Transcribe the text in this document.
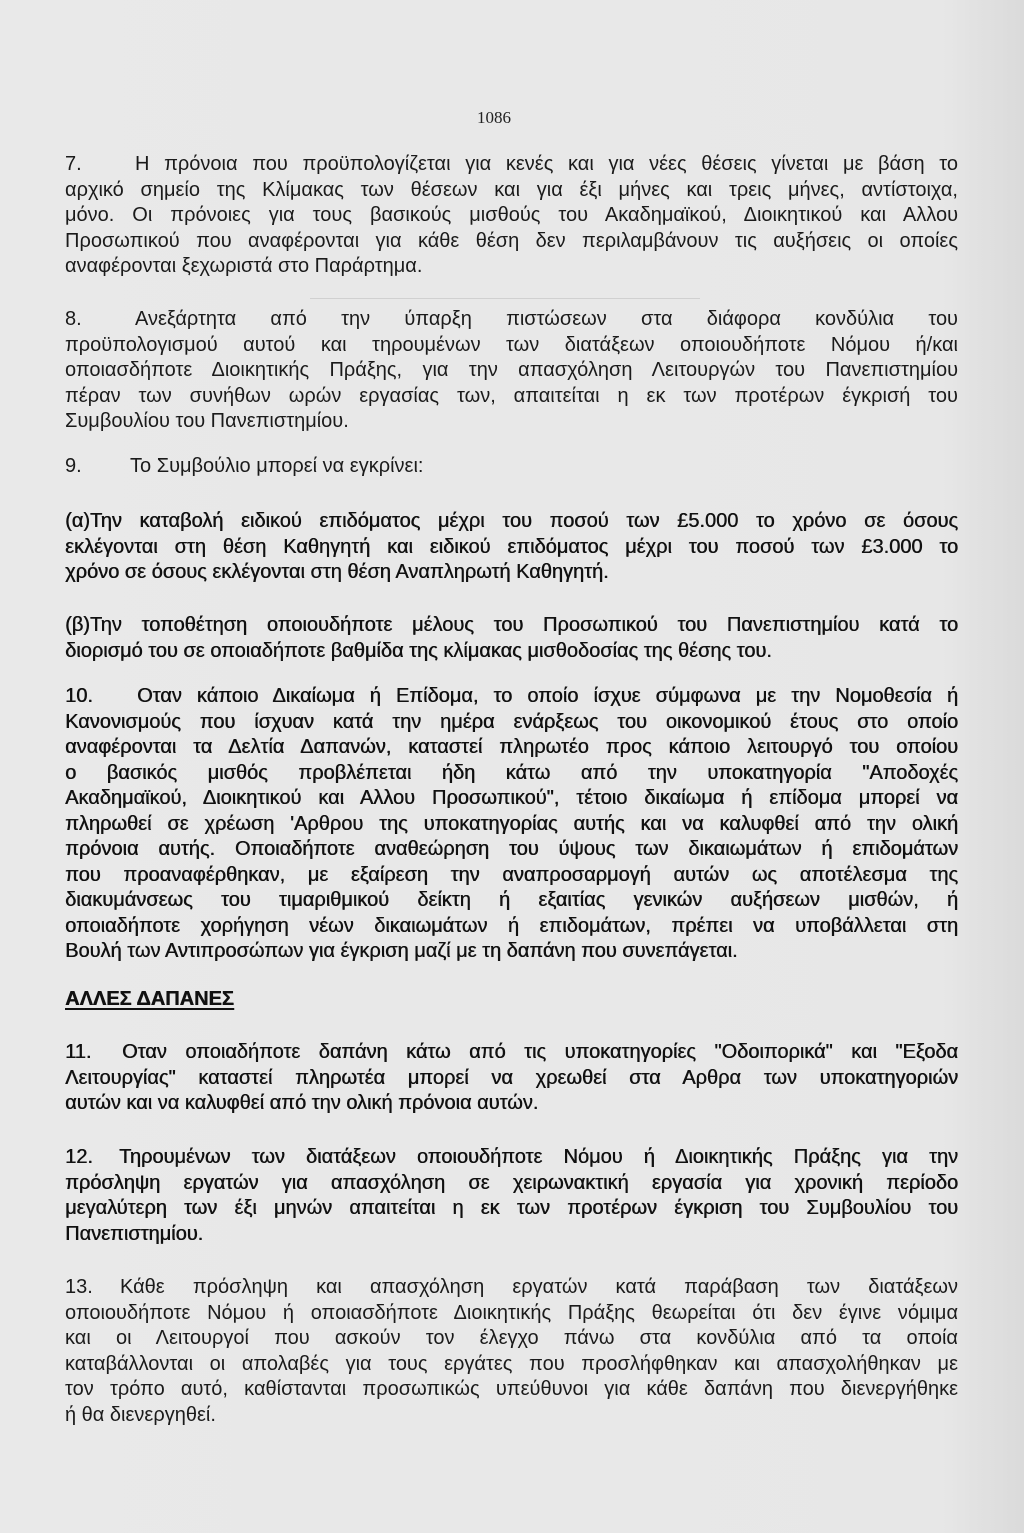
1086
7.	Η πρόνοια που προϋπολογίζεται για κενές και για νέες θέσεις γίνεται με βάση το
αρχικό σημείο της Κλίμακας των θέσεων και για έξι μήνες και τρεις μήνες, αντίστοιχα,
μόνο. Οι πρόνοιες για τους βασικούς μισθούς του Ακαδημαϊκού, Διοικητικού και Αλλου
Προσωπικού που αναφέρονται για κάθε θέση δεν περιλαμβάνουν τις αυξήσεις οι οποίες
αναφέρονται ξεχωριστά στο Παράρτημα.
8.	Ανεξάρτητα από την ύπαρξη πιστώσεων στα διάφορα κονδύλια του
προϋπολογισμού αυτού και τηρουμένων των διατάξεων οποιουδήποτε Νόμου ή/και
οποιασδήποτε Διοικητικής Πράξης, για την απασχόληση Λειτουργών του Πανεπιστημίου
πέραν των συνήθων ωρών εργασίας των, απαιτείται η εκ των προτέρων έγκρισή του
Συμβουλίου του Πανεπιστημίου.
9.	Το Συμβούλιο μπορεί να εγκρίνει:
(α)Την καταβολή ειδικού επιδόματος μέχρι του ποσού των £5.000 το χρόνο σε όσους
εκλέγονται στη θέση Καθηγητή και ειδικού επιδόματος μέχρι του ποσού των £3.000 το
χρόνο σε όσους εκλέγονται στη θέση Αναπληρωτή Καθηγητή.
(β)Την τοποθέτηση οποιουδήποτε μέλους του Προσωπικού του Πανεπιστημίου κατά το
διορισμό του σε οποιαδήποτε βαθμίδα της κλίμακας μισθοδοσίας της θέσης του.
10.	Οταν κάποιο Δικαίωμα ή Επίδομα, το οποίο ίσχυε σύμφωνα με την Νομοθεσία ή
Κανονισμούς που ίσχυαν κατά την ημέρα ενάρξεως του οικονομικού έτους στο οποίο
αναφέρονται τα Δελτία Δαπανών, καταστεί πληρωτέο προς κάποιο λειτουργό του οποίου
ο βασικός μισθός προβλέπεται ήδη κάτω από την υποκατηγορία "Αποδοχές
Ακαδημαϊκού, Διοικητικού και Αλλου Προσωπικού", τέτοιο δικαίωμα ή επίδομα μπορεί να
πληρωθεί σε χρέωση 'Αρθρου της υποκατηγορίας αυτής και να καλυφθεί από την ολική
πρόνοια αυτής. Οποιαδήποτε αναθεώρηση του ύψους των δικαιωμάτων ή επιδομάτων
που προαναφέρθηκαν, με εξαίρεση την αναπροσαρμογή αυτών ως αποτέλεσμα της
διακυμάνσεως του τιμαριθμικού δείκτη ή εξαιτίας γενικών αυξήσεων μισθών, ή
οποιαδήποτε χορήγηση νέων δικαιωμάτων ή επιδομάτων, πρέπει να υποβάλλεται στη
Βουλή των Αντιπροσώπων για έγκριση μαζί με τη δαπάνη που συνεπάγεται.
ΑΛΛΕΣ ΔΑΠΑΝΕΣ
11.	Οταν οποιαδήποτε δαπάνη κάτω από τις υποκατηγορίες "Οδοιπορικά" και "Εξοδα
Λειτουργίας" καταστεί πληρωτέα μπορεί να χρεωθεί στα Αρθρα των υποκατηγοριών
αυτών και να καλυφθεί από την ολική πρόνοια αυτών.
12.	Τηρουμένων των διατάξεων οποιουδήποτε Νόμου ή Διοικητικής Πράξης για την
πρόσληψη εργατών για απασχόληση σε χειρωνακτική εργασία για χρονική περίοδο
μεγαλύτερη των έξι μηνών απαιτείται η εκ των προτέρων έγκριση του Συμβουλίου του
Πανεπιστημίου.
13.	Κάθε πρόσληψη και απασχόληση εργατών κατά παράβαση των διατάξεων
οποιουδήποτε Νόμου ή οποιασδήποτε Διοικητικής Πράξης θεωρείται ότι δεν έγινε νόμιμα
και οι Λειτουργοί που ασκούν τον έλεγχο πάνω στα κονδύλια από τα οποία
καταβάλλονται οι απολαβές για τους εργάτες που προσλήφθηκαν και απασχολήθηκαν με
τον τρόπο αυτό, καθίστανται προσωπικώς υπεύθυνοι για κάθε δαπάνη που διενεργήθηκε
ή θα διενεργηθεί.
